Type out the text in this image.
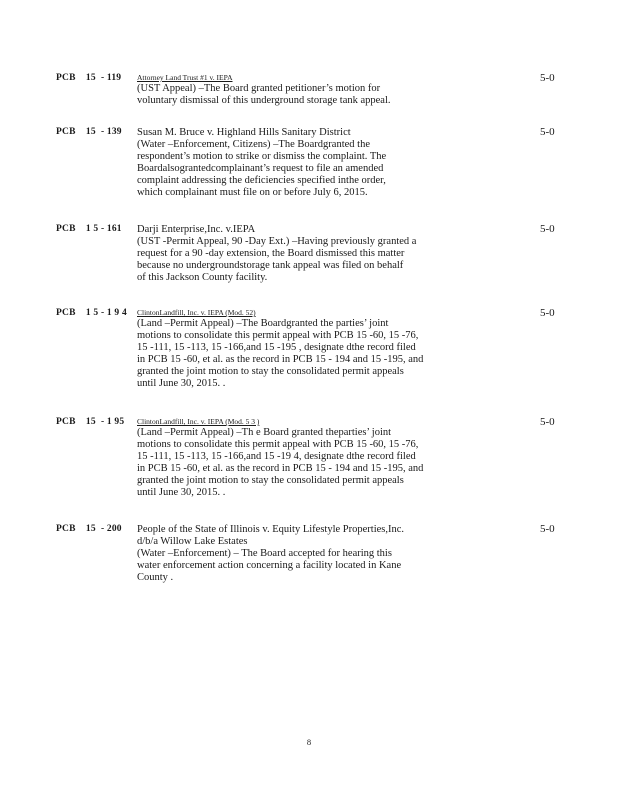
PCB    15  - 119 Attorney Land Trust #1 v. IEPA
(UST Appeal) –The Board granted petitioner’s motion for
voluntary dismissal of this underground storage tank appeal.
5-0
PCB    15  - 139 Susan M. Bruce v. Highland Hills Sanitary District
(Water –Enforcement, Citizens) –The Boardgranted the
respondent’s motion to strike or dismiss the complaint. The
Boardalsograntedcomplainant’s request to file an amended
complaint addressing the deficiencies specified inthe order,
which complainant must file on or before July 6, 2015.
5-0
PCB    1 5 - 161 Darji Enterprise,Inc. v.IEPA
(UST -Permit Appeal, 90 -Day Ext.) –Having previously granted a
request for a 90 -day extension, the Board dismissed this matter
because no undergroundstorage tank appeal was filed on behalf
of this Jackson County facility.
5-0
PCB    1 5 - 1 9 4 ClintonLandfill, Inc. v. IEPA (Mod. 52)
(Land –Permit Appeal) –The Boardgranted the parties’ joint
motions to consolidate this permit appeal with PCB 15 -60, 15 -76,
15 -111, 15 -113, 15 -166,and 15 -195 , designate dthe record filed
in PCB 15 -60, et al. as the record in PCB 15 - 194 and 15 -195, and
granted the joint motion to stay the consolidated permit appeals
until June 30, 2015. .
5-0
PCB    15  - 1 95 ClintonLandfill, Inc. v. IEPA (Mod. 5 3 )
(Land –Permit Appeal) –Th e Board granted theparties’ joint
motions to consolidate this permit appeal with PCB 15 -60, 15 -76,
15 -111, 15 -113, 15 -166,and 15 -19 4, designate dthe record filed
in PCB 15 -60, et al. as the record in PCB 15 - 194 and 15 -195, and
granted the joint motion to stay the consolidated permit appeals
until June 30, 2015. .
5-0
PCB    15  - 200 People of the State of Illinois v. Equity Lifestyle Properties,Inc.
d/b/a Willow Lake Estates
(Water –Enforcement) – The Board accepted for hearing this
water enforcement action concerning a facility located in Kane
County .
5-0
8
